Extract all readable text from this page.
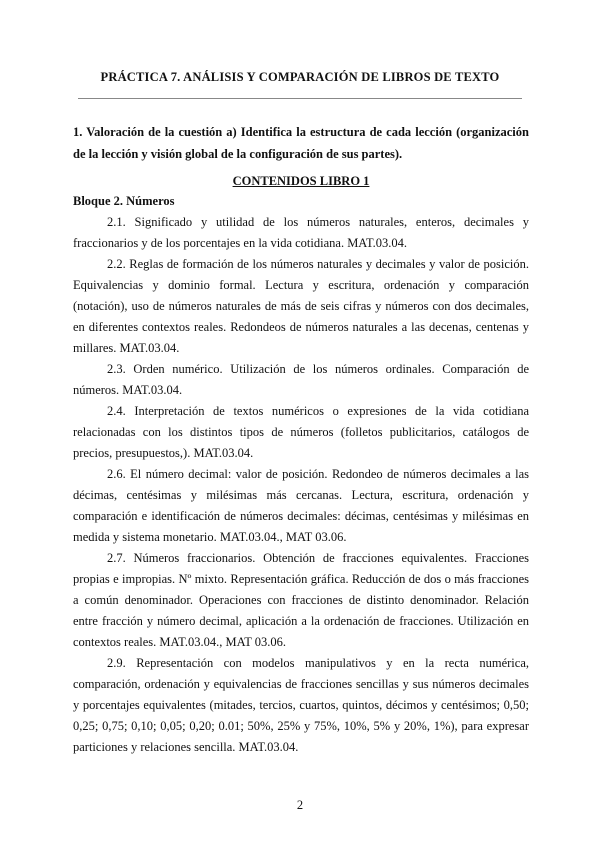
PRÁCTICA 7. ANÁLISIS Y COMPARACIÓN DE LIBROS DE TEXTO
1. Valoración de la cuestión a) Identifica la estructura de cada lección (organización de la lección y visión global de la configuración de sus partes).
CONTENIDOS LIBRO 1
Bloque 2. Números

2.1. Significado y utilidad de los números naturales, enteros, decimales y fraccionarios y de los porcentajes en la vida cotidiana. MAT.03.04.

2.2. Reglas de formación de los números naturales y decimales y valor de posición. Equivalencias y dominio formal. Lectura y escritura, ordenación y comparación (notación), uso de números naturales de más de seis cifras y números con dos decimales, en diferentes contextos reales. Redondeos de números naturales a las decenas, centenas y millares. MAT.03.04.

2.3. Orden numérico. Utilización de los números ordinales. Comparación de números. MAT.03.04.

2.4. Interpretación de textos numéricos o expresiones de la vida cotidiana relacionadas con los distintos tipos de números (folletos publicitarios, catálogos de precios, presupuestos,). MAT.03.04.

2.6. El número decimal: valor de posición. Redondeo de números decimales a las décimas, centésimas y milésimas más cercanas. Lectura, escritura, ordenación y comparación e identificación de números decimales: décimas, centésimas y milésimas en medida y sistema monetario. MAT.03.04., MAT 03.06.

2.7. Números fraccionarios. Obtención de fracciones equivalentes. Fracciones propias e impropias. Nº mixto. Representación gráfica. Reducción de dos o más fracciones a común denominador. Operaciones con fracciones de distinto denominador. Relación entre fracción y número decimal, aplicación a la ordenación de fracciones. Utilización en contextos reales. MAT.03.04., MAT 03.06.

2.9. Representación con modelos manipulativos y en la recta numérica, comparación, ordenación y equivalencias de fracciones sencillas y sus números decimales y porcentajes equivalentes (mitades, tercios, cuartos, quintos, décimos y centésimos; 0,50; 0,25; 0,75; 0,10; 0,05; 0,20; 0.01; 50%, 25% y 75%, 10%, 5% y 20%, 1%), para expresar particiones y relaciones sencilla. MAT.03.04.

2
